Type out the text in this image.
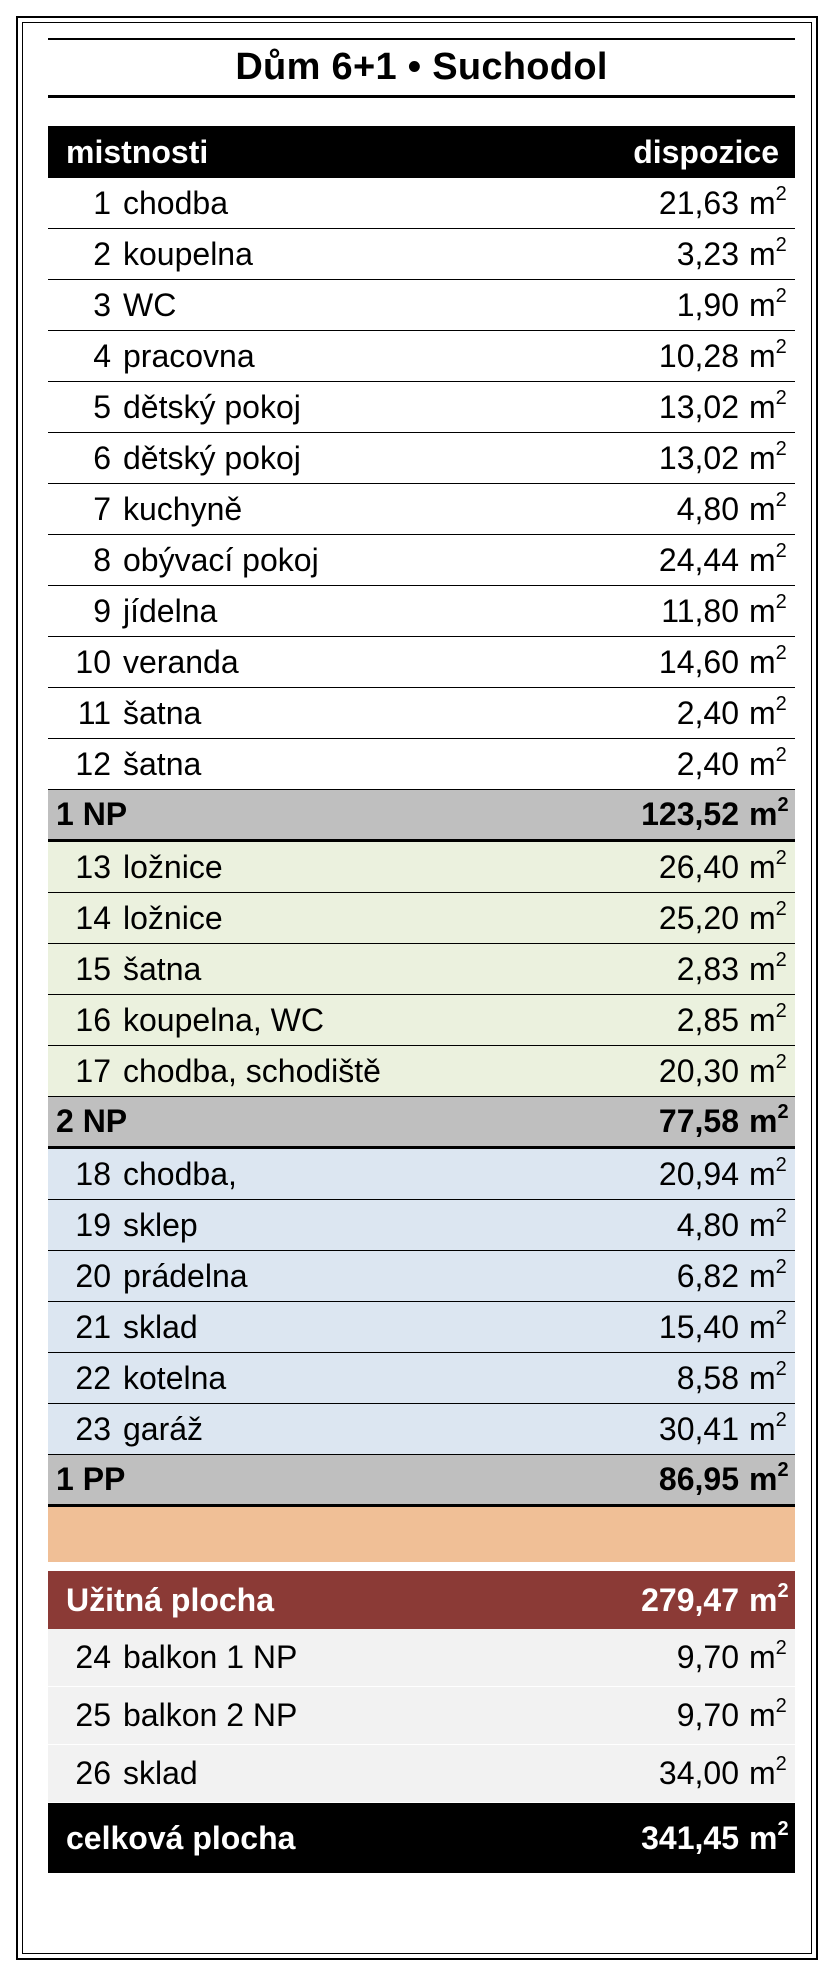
Dům 6+1 • Suchodol
mistnosti	dispozice
1 chodba	21,63 $m^2$
2 koupelna	3,23 $m^2$
3 WC	1,90 $m^2$
4 pracovna	10,28 $m^2$
5 dětský pokoj	13,02 $m^2$
6 dětský pokoj	13,02 $m^2$
7 kuchyně	4,80 $m^2$
8 obývací pokoj	24,44 $m^2$
9 jídelna	11,80 $m^2$
10 veranda	14,60 $m^2$
11 šatna	2,40 $m^2$
12 šatna	2,40 $m^2$
1 NP	123,52 $m^2$
13 ložnice	26,40 $m^2$
14 ložnice	25,20 $m^2$
15 šatna	2,83 $m^2$
16 koupelna, WC	2,85 $m^2$
17 chodba, schodiště	20,30 $m^2$
2 NP	77,58 $m^2$
18 chodba,	20,94 $m^2$
19 sklep	4,80 $m^2$
20 prádelna	6,82 $m^2$
21 sklad	15,40 $m^2$
22 kotelna	8,58 $m^2$
23 garáž	30,41 $m^2$
1 PP	86,95 $m^2$
Užitná plocha	279,47 $m^2$
24 balkon 1 NP	9,70 $m^2$
25 balkon 2 NP	9,70 $m^2$
26 sklad	34,00 $m^2$
celková plocha	341,45 $m^2$
